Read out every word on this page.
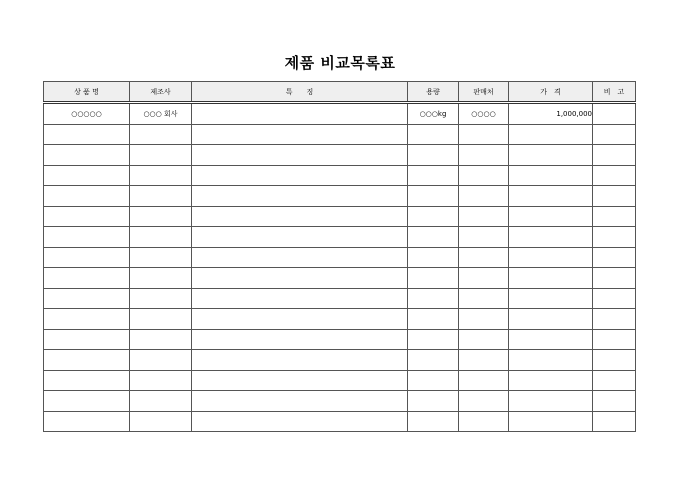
제품 비교목록표
상 품 명	제조사	특　　징	용량	판매처	가　격	비　고
○○○○○	○○○ 회사		○○○kg	○○○○	1,000,000	
